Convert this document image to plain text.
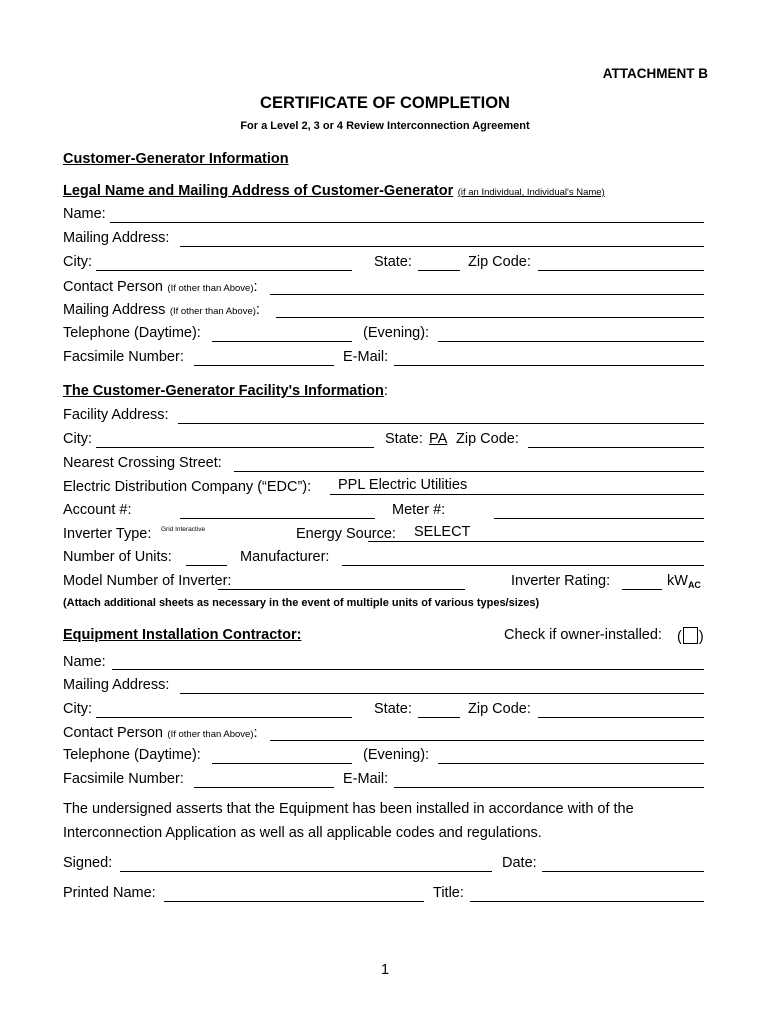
ATTACHMENT B
CERTIFICATE OF COMPLETION
For a Level 2, 3 or 4 Review Interconnection Agreement
Customer-Generator Information
Legal Name and Mailing Address of Customer-Generator (if an Individual, Individual's Name)
Name:
Mailing Address:
City:	State:	Zip Code:
Contact Person (If other than Above):
Mailing Address (If other than Above):
Telephone (Daytime):	(Evening):
Facsimile Number:	E-Mail:
The Customer-Generator Facility's Information:
Facility Address:
City:	State: PA Zip Code:
Nearest Crossing Street:
Electric Distribution Company (“EDC”): PPL Electric Utilities
Account #:	Meter #:
Inverter Type: Grid Interactive	Energy Source: SELECT
Number of Units:	Manufacturer:
Model Number of Inverter:	Inverter Rating:	$kW_{AC}$
(Attach additional sheets as necessary in the event of multiple units of various types/sizes)
Equipment Installation Contractor:	Check if owner-installed: ( )
Name:
Mailing Address:
City:	State:	Zip Code:
Contact Person (If other than Above):
Telephone (Daytime):	(Evening):
Facsimile Number:	E-Mail:
The undersigned asserts that the Equipment has been installed in accordance with of the
Interconnection Application as well as all applicable codes and regulations.
Signed:	Date:
Printed Name:	Title:
1
